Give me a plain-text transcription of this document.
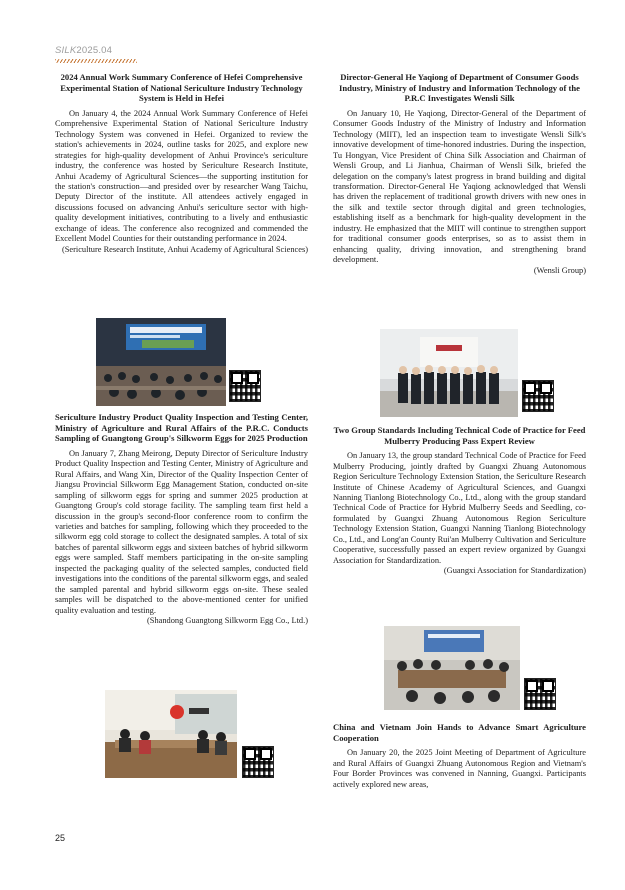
SILK2025.04
2024 Annual Work Summary Conference of Hefei Comprehensive Experimental Station of National Sericulture Industry Technology System is Held in Hefei

On January 4, the 2024 Annual Work Summary Conference of Hefei Comprehensive Experimental Station of National Sericulture Industry Technology System was convened in Hefei. Organized to review the station's achievements in 2024, outline tasks for 2025, and explore new strategies for high-quality development of Anhui Province's sericulture industry, the conference was hosted by Sericulture Research Institute, Anhui Academy of Agricultural Sciences—the supporting institution for the station's construction—and presided over by researcher Wang Taichu, Deputy Director of the institute. All attendees actively engaged in discussions focused on advancing Anhui's sericulture sector with high-quality development initiatives, contributing to a lively and enthusiastic exchange of ideas. The conference also recognized and commended the Excellent Model Counties for their outstanding performance in 2024.

(Sericulture Research Institute, Anhui Academy of Agricultural Sciences)
Sericulture Industry Product Quality Inspection and Testing Center, Ministry of Agriculture and Rural Affairs of the P.R.C. Conducts Sampling of Guangtong Group's Silkworm Eggs for 2025 Production

On January 7, Zhang Meirong, Deputy Director of Sericulture Industry Product Quality Inspection and Testing Center, Ministry of Agriculture and Rural Affairs, and Wang Xin, Director of the Quality Inspection Center of Jiangsu Provincial Silkworm Egg Management Station, conducted on-site sampling of silkworm eggs for spring and summer 2025 production at Guangtong Group's cold storage facility. The sampling team first held a discussion in the group's second-floor conference room to confirm the varieties and batches for sampling, following which they proceeded to the silkworm egg cold storage to collect the designated samples. A total of six batches of parental silkworm eggs and sixteen batches of hybrid silkworm eggs were sampled. Staff members participating in the on-site sampling inspected the packaging quality of the selected samples, conducted field investigations into the conditions of the parental silkworm eggs, and sealed the sampled parental and hybrid silkworm eggs on-site. These sealed samples will be dispatched to the above-mentioned center for unified quality evaluation and testing.

(Shandong Guangtong Silkworm Egg Co., Ltd.)
Director-General He Yaqiong of Department of Consumer Goods Industry, Ministry of Industry and Information Technology of the P.R.C Investigates Wensli Silk

On January 10, He Yaqiong, Director-General of the Department of Consumer Goods Industry of the Ministry of Industry and Information Technology (MIIT), led an inspection team to investigate Wensli Silk's innovative development of time-honored industries. During the inspection, Tu Hongyan, Vice President of China Silk Association and Chairman of Wensli Group, and Li Jianhua, Chairman of Wensli Silk, briefed the delegation on the company's latest progress in brand building and digital transformation. Director-General He Yaqiong acknowledged that Wensli has driven the replacement of traditional growth drivers with new ones in the silk and textile sector through digital and green technologies, establishing itself as a benchmark for high-quality development in the industry. He emphasized that the MIIT will continue to strengthen support for traditional consumer goods enterprises, so as to assist them in enhancing quality, driving innovation, and strengthening brand development.

(Wensli Group)
Two Group Standards Including Technical Code of Practice for Feed Mulberry Producing Pass Expert Review

On January 13, the group standard Technical Code of Practice for Feed Mulberry Producing, jointly drafted by Guangxi Zhuang Autonomous Region Sericulture Technology Extension Station, the Sericulture Research Institute of Chinese Academy of Agricultural Sciences, and Guangxi Nanning Tianlong Biotechnology Co., Ltd., along with the group standard Technical Code of Practice for Hybrid Mulberry Seeds and Seedling, co-formulated by Guangxi Zhuang Autonomous Region Sericulture Technology Extension Station, Guangxi Nanning Tianlong Biotechnology Co., Ltd., and Long'an County Rui'an Mulberry Cultivation and Sericulture Cooperative, successfully passed an expert review organized by Guangxi Association for Standardization.

(Guangxi Association for Standardization)
China and Vietnam Join Hands to Advance Smart Agriculture Cooperation

On January 20, the 2025 Joint Meeting of Department of Agriculture and Rural Affairs of Guangxi Zhuang Autonomous Region and Vietnam's Four Border Provinces was convened in Nanning, Guangxi. Participants actively explored new areas,

25
